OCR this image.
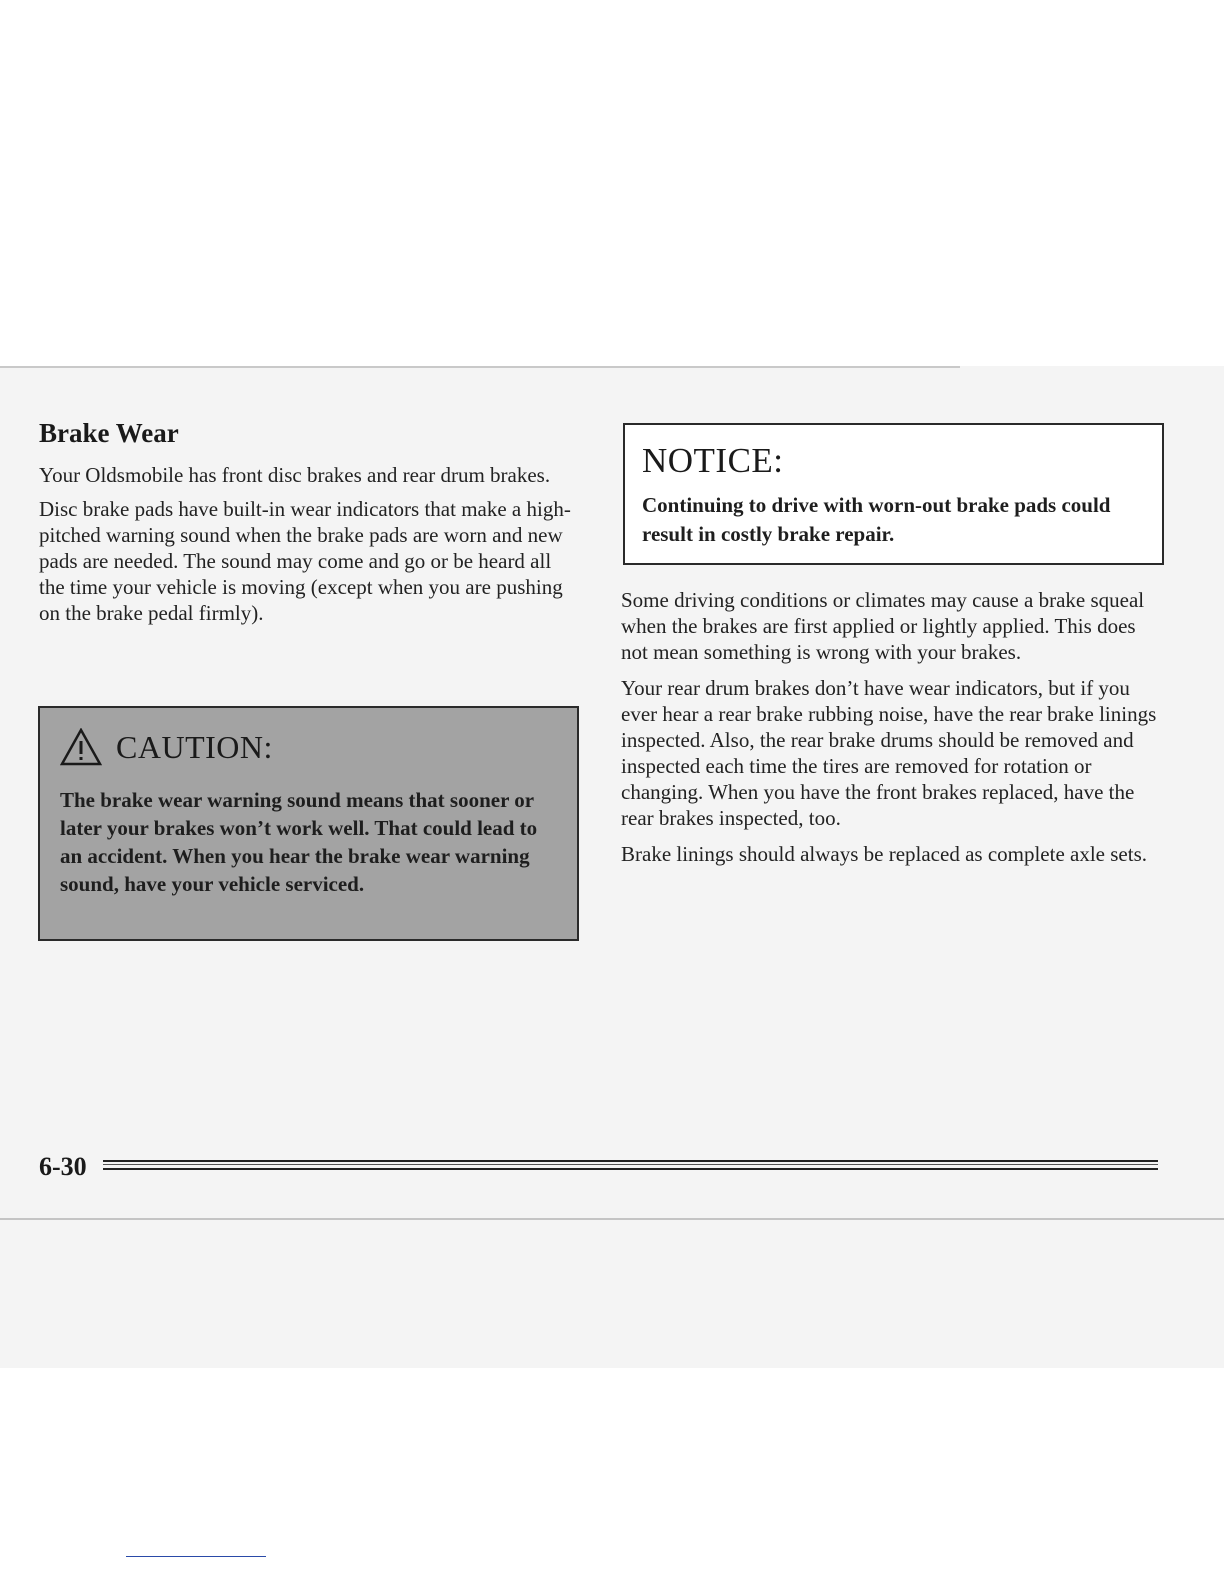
Brake Wear

Your Oldsmobile has front disc brakes and rear drum brakes.

Disc brake pads have built-in wear indicators that make a high-pitched warning sound when the brake pads are worn and new pads are needed. The sound may come and go or be heard all the time your vehicle is moving (except when you are pushing on the brake pedal firmly).

CAUTION:

The brake wear warning sound means that sooner or later your brakes won’t work well. That could lead to an accident. When you hear the brake wear warning sound, have your vehicle serviced.

NOTICE:

Continuing to drive with worn-out brake pads could result in costly brake repair.

Some driving conditions or climates may cause a brake squeal when the brakes are first applied or lightly applied. This does not mean something is wrong with your brakes.

Your rear drum brakes don’t have wear indicators, but if you ever hear a rear brake rubbing noise, have the rear brake linings inspected. Also, the rear brake drums should be removed and inspected each time the tires are removed for rotation or changing. When you have the front brakes replaced, have the rear brakes inspected, too.

Brake linings should always be replaced as complete axle sets.

6-30
